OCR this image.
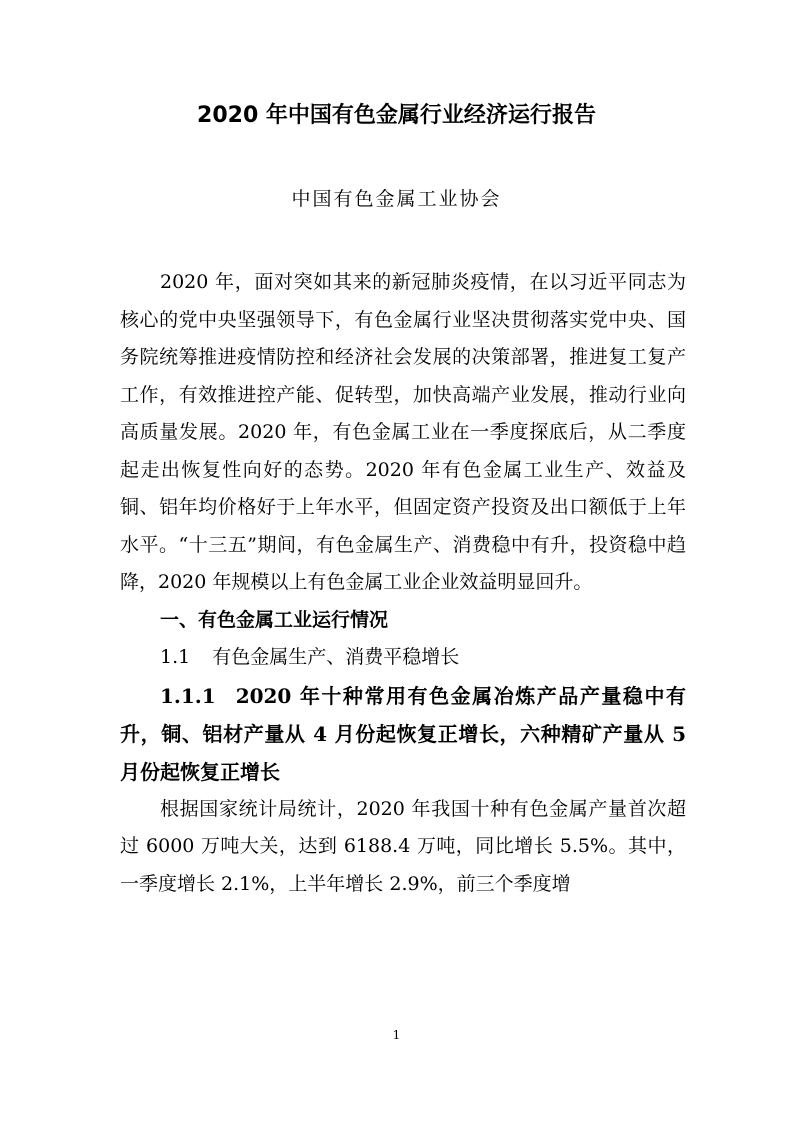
2020 年中国有色金属行业经济运行报告
中国有色金属工业协会

2020 年，面对突如其来的新冠肺炎疫情，在以习近平同志为核心的党中央坚强领导下，有色金属行业坚决贯彻落实党中央、国务院统筹推进疫情防控和经济社会发展的决策部署，推进复工复产工作，有效推进控产能、促转型，加快高端产业发展，推动行业向高质量发展。2020 年，有色金属工业在一季度探底后，从二季度起走出恢复性向好的态势。2020 年有色金属工业生产、效益及铜、铝年均价格好于上年水平，但固定资产投资及出口额低于上年水平。“十三五”期间，有色金属生产、消费稳中有升，投资稳中趋降，2020 年规模以上有色金属工业企业效益明显回升。

一、有色金属工业运行情况

1.1 有色金属生产、消费平稳增长

1.1.1 2020 年十种常用有色金属冶炼产品产量稳中有升，铜、铝材产量从 4 月份起恢复正增长，六种精矿产量从 5 月份起恢复正增长

根据国家统计局统计，2020 年我国十种有色金属产量首次超过 6000 万吨大关，达到 6188.4 万吨，同比增长 5.5%。其中，一季度增长 2.1%，上半年增长 2.9%，前三个季度增

1
